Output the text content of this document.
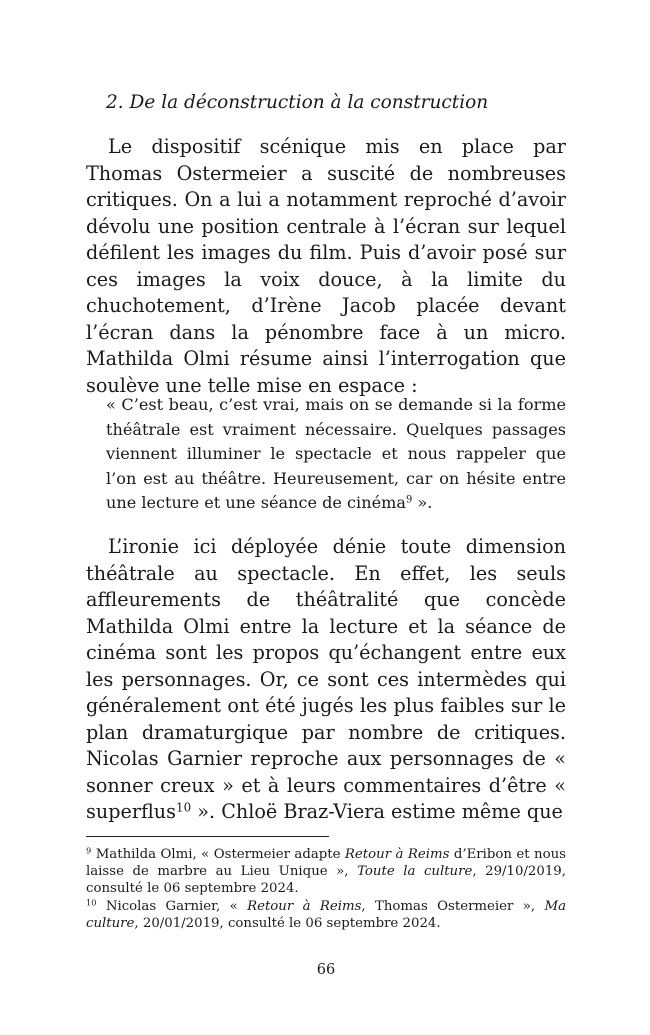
2. De la déconstruction à la construction

Le dispositif scénique mis en place par Thomas Ostermeier a suscité de nombreuses critiques. On a lui a notamment reproché d’avoir dévolu une position centrale à l’écran sur lequel défilent les images du film. Puis d’avoir posé sur ces images la voix douce, à la limite du chuchotement, d’Irène Jacob placée devant l’écran dans la pénombre face à un micro. Mathilda Olmi résume ainsi l’interrogation que soulève une telle mise en espace :

« C’est beau, c’est vrai, mais on se demande si la forme théâtrale est vraiment nécessaire. Quelques passages viennent illuminer le spectacle et nous rappeler que l’on est au théâtre. Heureusement, car on hésite entre une lecture et une séance de cinéma$^9$ ».

L’ironie ici déployée dénie toute dimension théâtrale au spectacle. En effet, les seuls affleurements de théâtralité que concède Mathilda Olmi entre la lecture et la séance de cinéma sont les propos qu’échangent entre eux les personnages. Or, ce sont ces intermèdes qui généralement ont été jugés les plus faibles sur le plan dramaturgique par nombre de critiques. Nicolas Garnier reproche aux personnages de « sonner creux » et à leurs commentaires d’être « superflus$^{10}$ ». Chloë Braz-Viera estime même que

$^9$ Mathilda Olmi, « Ostermeier adapte Retour à Reims d’Eribon et nous laisse de marbre au Lieu Unique », Toute la culture, 29/10/2019, consulté le 06 septembre 2024.

$^{10}$ Nicolas Garnier, « Retour à Reims, Thomas Ostermeier », Ma culture, 20/01/2019, consulté le 06 septembre 2024.

66
